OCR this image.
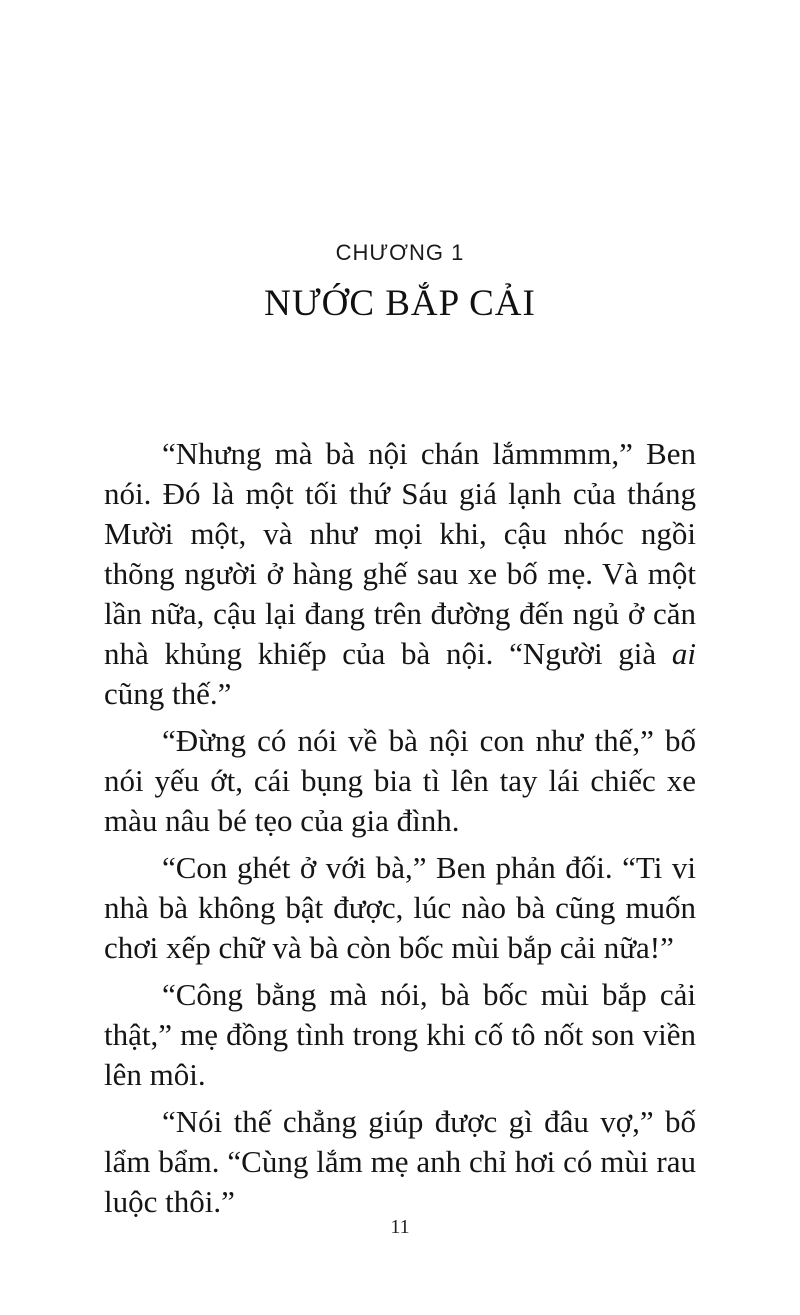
CHƯƠNG 1
NƯỚC BẮP CẢI

“Nhưng mà bà nội chán lắmmmm,” Ben nói. Đó là một tối thứ Sáu giá lạnh của tháng Mười một, và như mọi khi, cậu nhóc ngồi thõng người ở hàng ghế sau xe bố mẹ. Và một lần nữa, cậu lại đang trên đường đến ngủ ở căn nhà khủng khiếp của bà nội. “Người già ai cũng thế.”

“Đừng có nói về bà nội con như thế,” bố nói yếu ớt, cái bụng bia tì lên tay lái chiếc xe màu nâu bé tẹo của gia đình.

“Con ghét ở với bà,” Ben phản đối. “Ti vi nhà bà không bật được, lúc nào bà cũng muốn chơi xếp chữ và bà còn bốc mùi bắp cải nữa!”

“Công bằng mà nói, bà bốc mùi bắp cải thật,” mẹ đồng tình trong khi cố tô nốt son viền lên môi.

“Nói thế chẳng giúp được gì đâu vợ,” bố lẩm bẩm. “Cùng lắm mẹ anh chỉ hơi có mùi rau luộc thôi.”

11
